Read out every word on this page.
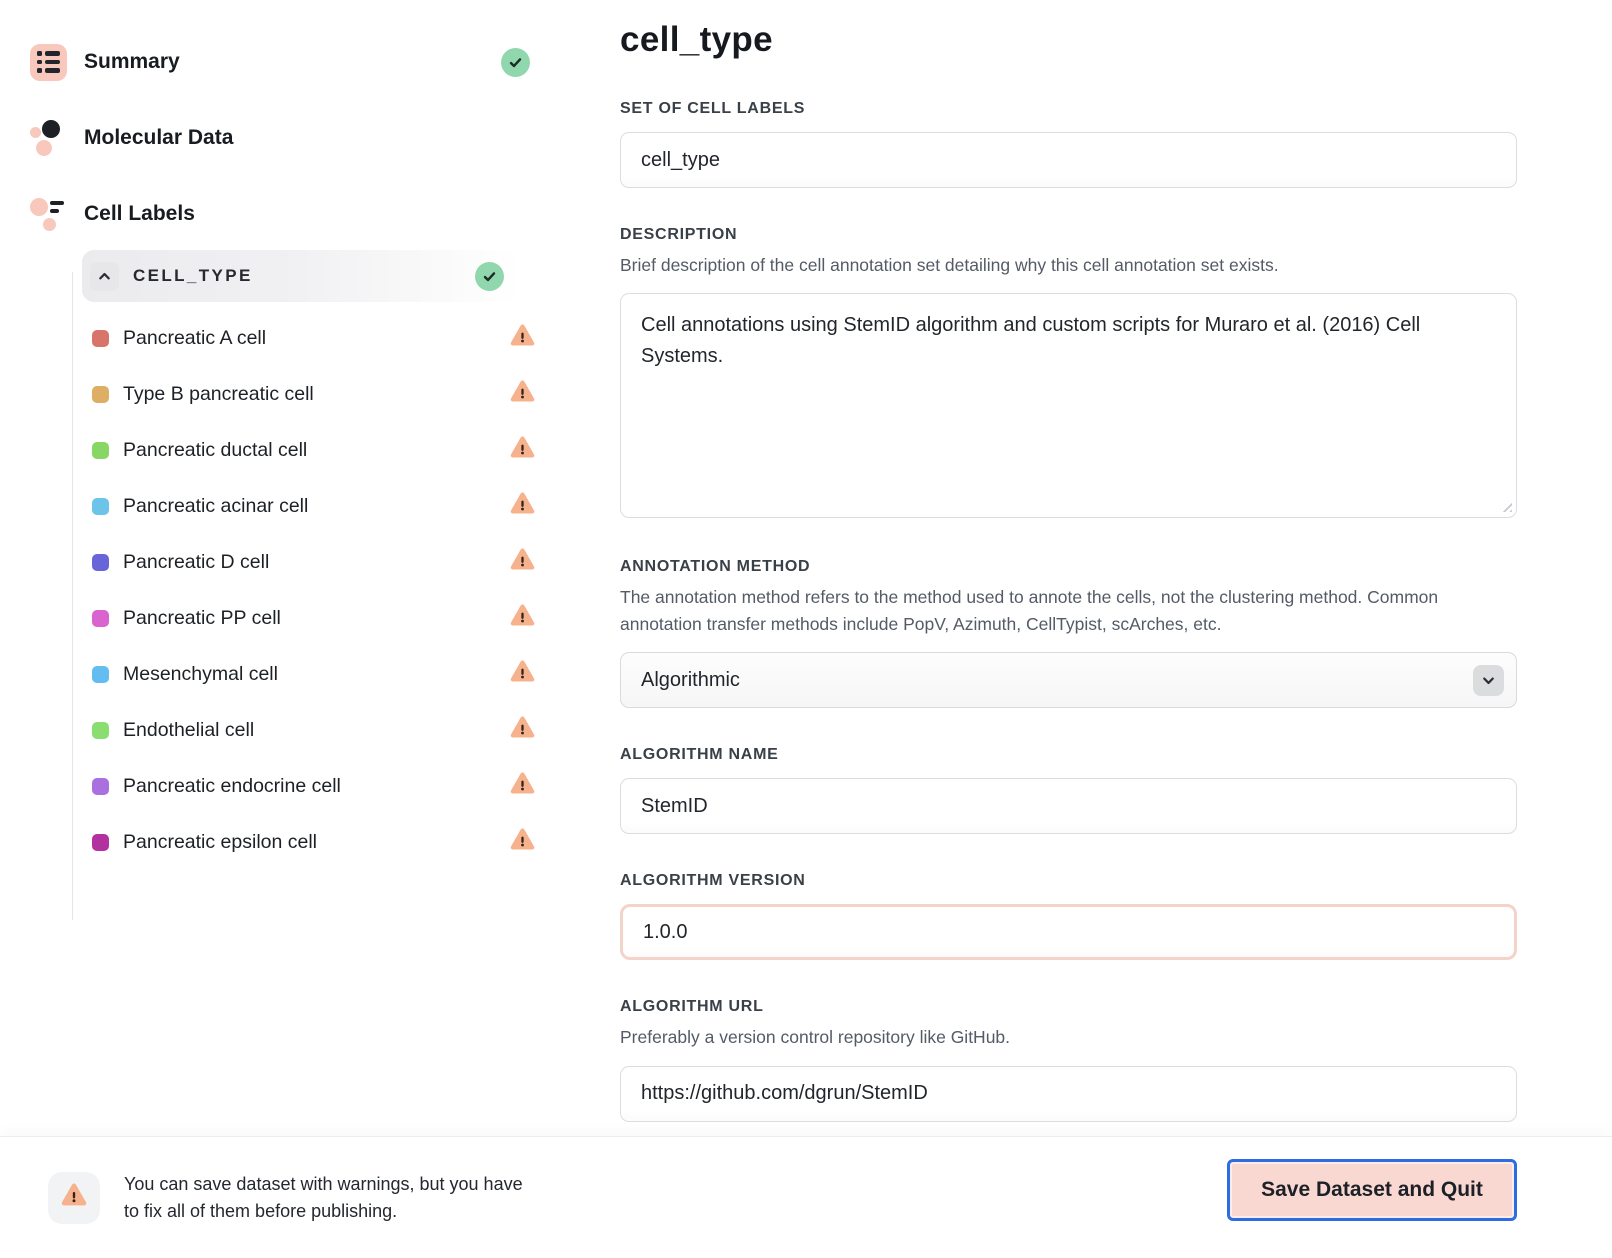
Summary
Molecular Data
Cell Labels
CELL_TYPE
Pancreatic A cell
Type B pancreatic cell
Pancreatic ductal cell
Pancreatic acinar cell
Pancreatic D cell
Pancreatic PP cell
Mesenchymal cell
Endothelial cell
Pancreatic endocrine cell
Pancreatic epsilon cell
cell_type
SET OF CELL LABELS
cell_type
DESCRIPTION
Brief description of the cell annotation set detailing why this cell annotation set exists.
Cell annotations using StemID algorithm and custom scripts for Muraro et al. (2016) Cell Systems.
ANNOTATION METHOD
The annotation method refers to the method used to annote the cells, not the clustering method. Common annotation transfer methods include PopV, Azimuth, CellTypist, scArches, etc.
Algorithmic
ALGORITHM NAME
StemID
ALGORITHM VERSION
1.0.0
ALGORITHM URL
Preferably a version control repository like GitHub.
https://github.com/dgrun/StemID
You can save dataset with warnings, but you have to fix all of them before publishing.
Save Dataset and Quit
